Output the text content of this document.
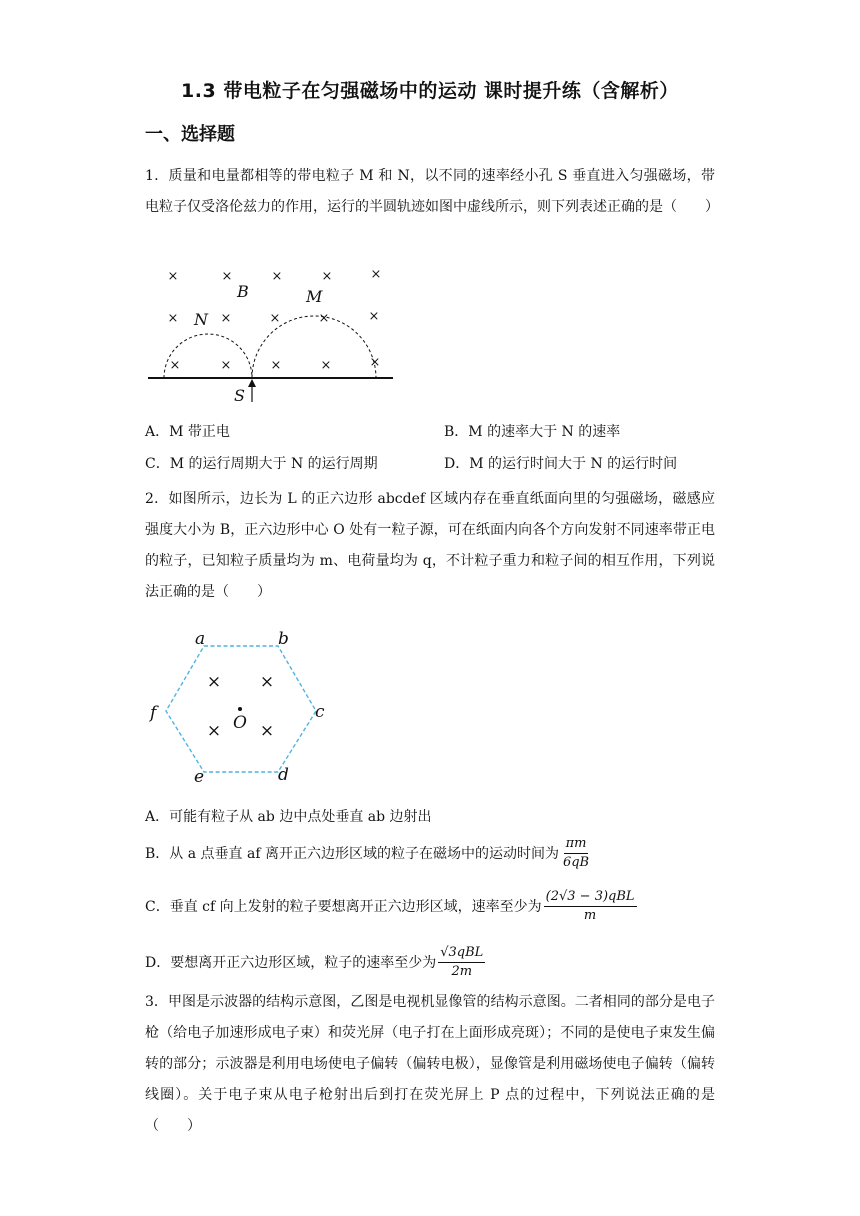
1.3 带电粒子在匀强磁场中的运动 课时提升练（含解析）
一、选择题
1．质量和电量都相等的带电粒子 M 和 N，以不同的速率经小孔 S 垂直进入匀强磁场，带电粒子仅受洛伦兹力的作用，运行的半圆轨迹如图中虚线所示，则下列表述正确的是（　　）
×	×	×	×	×
×	×	×	×	×
×	×	×	×	×
B
N
M
S
A．M 带正电	B．M 的速率大于 N 的速率
C．M 的运行周期大于 N 的运行周期	D．M 的运行时间大于 N 的运行时间
2．如图所示，边长为 L 的正六边形 abcdef 区域内存在垂直纸面向里的匀强磁场，磁感应强度大小为 B，正六边形中心 O 处有一粒子源，可在纸面内向各个方向发射不同速率带正电的粒子，已知粒子质量均为 m、电荷量均为 q，不计粒子重力和粒子间的相互作用，下列说法正确的是（　　）
a	b
c
d
e
f
× ×
× ×
O
A．可能有粒子从 ab 边中点处垂直 ab 边射出
B．从 a 点垂直 af 离开正六边形区域的粒子在磁场中的运动时间为 $\frac{\pi m}{6qB}$
C．垂直 cf 向上发射的粒子要想离开正六边形区域，速率至少为 $\frac{\text{(2√3 − 3)qBL}}{m}$
D．要想离开正六边形区域，粒子的速率至少为 $\frac{\text{√3qBL}}{2m}$
3．甲图是示波器的结构示意图，乙图是电视机显像管的结构示意图。二者相同的部分是电子枪（给电子加速形成电子束）和荧光屏（电子打在上面形成亮斑）；不同的是使电子束发生偏转的部分；示波器是利用电场使电子偏转（偏转电极），显像管是利用磁场使电子偏转（偏转线圈）。关于电子束从电子枪射出后到打在荧光屏上 P 点的过程中，下列说法正确的是（　　）
